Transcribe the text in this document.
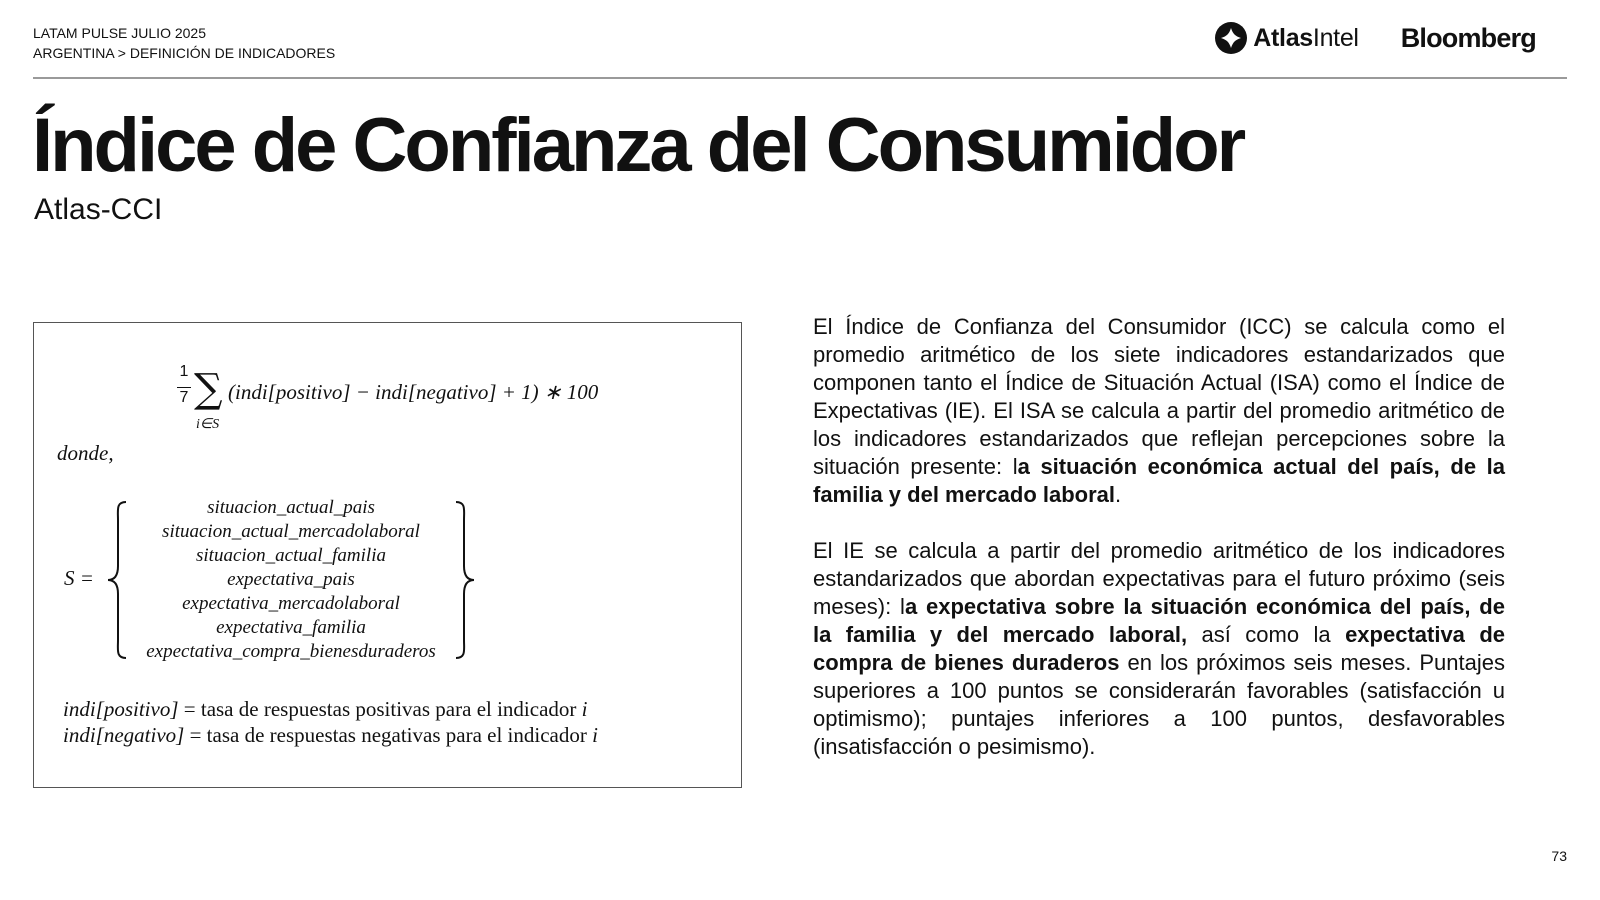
LATAM PULSE JULIO 2025
ARGENTINA > DEFINICIÓN DE INDICADORES
AtlasIntel Bloomberg
Índice de Confianza del Consumidor
Atlas-CCI
1
7 ∑
i∈S
(indi[positivo] − indi[negativo] + 1) ∗ 100
donde,
S =
situacion_actual_pais
situacion_actual_mercadolaboral
situacion_actual_familia
expectativa_pais
expectativa_mercadolaboral
expectativa_familia
expectativa_compra_bienesduraderos
indi[positivo] = tasa de respuestas positivas para el indicador i
indi[negativo] = tasa de respuestas negativas para el indicador i

El Índice de Confianza del Consumidor (ICC) se calcula como el promedio aritmético de los siete indicadores estandarizados que componen tanto el Índice de Situación Actual (ISA) como el Índice de Expectativas (IE). El ISA se calcula a partir del promedio aritmético de los indicadores estandarizados que reflejan percepciones sobre la situación presente: la situación económica actual del país, de la familia y del mercado laboral.

El IE se calcula a partir del promedio aritmético de los indicadores estandarizados que abordan expectativas para el futuro próximo (seis meses): la expectativa sobre la situación económica del país, de la familia y del mercado laboral, así como la expectativa de compra de bienes duraderos en los próximos seis meses. Puntajes superiores a 100 puntos se considerarán favorables (satisfacción u optimismo); puntajes inferiores a 100 puntos, desfavorables (insatisfacción o pesimismo).

73
